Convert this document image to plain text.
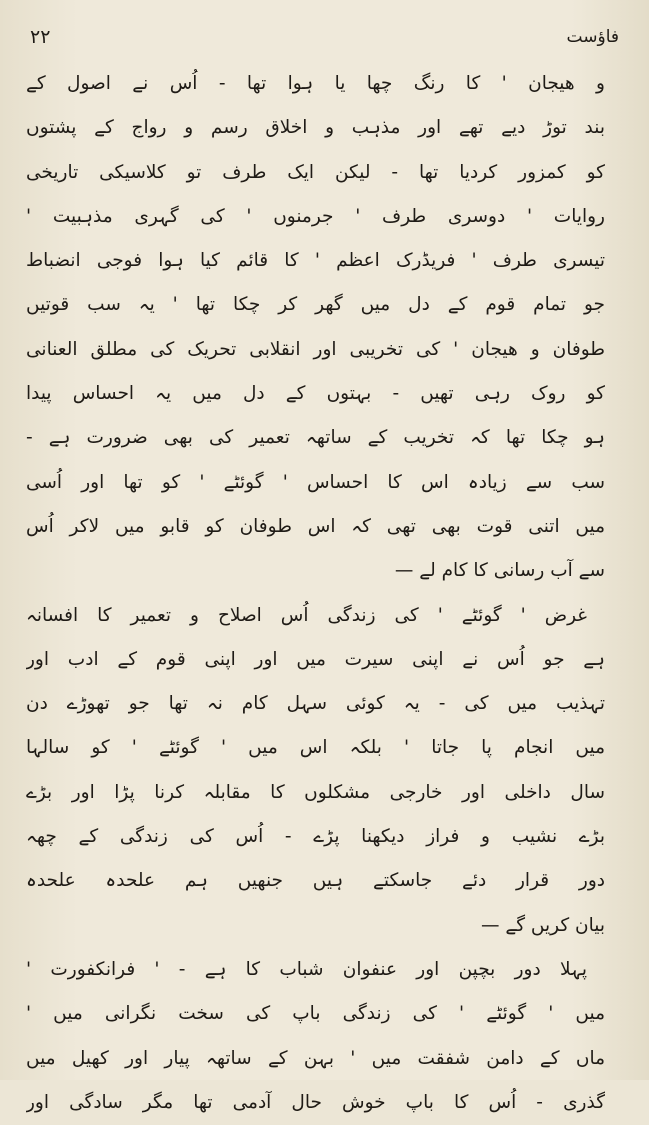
۲۲	فاؤست
و هیجان ' کا رنگ چھا یا ہوا تھا - اُس نے اصول کے
بند توڑ دیے تھے اور مذہب و اخلاق رسم و رواج کے پشتوں
کو کمزور کردیا تھا - لیکن ایک طرف تو کلاسیکی تاریخی
روایات ' دوسری طرف ' جرمنوں ' کی گہری مذہبیت '
تیسری طرف ' فریڈرک اعظم ' کا قائم کیا ہوا فوجی انضباط
جو تمام قوم کے دل میں گھر کر چکا تھا ' یہ سب قوتیں
طوفان و هیجان ' کی تخریبی اور انقلابی تحریک کی مطلق العنانی
کو روک رہی تھیں - بہتوں کے دل میں یہ احساس پیدا
ہو چکا تھا کہ تخریب کے ساتھہ تعمیر کی بھی ضرورت ہے -
سب سے زیادہ اس کا احساس ' گوئٹے ' کو تھا اور اُسی
میں اتنی قوت بھی تھی کہ اس طوفان کو قابو میں لاکر اُس
سے آب رسانی کا کام لے —
غرض ' گوئٹے ' کی زندگی اُس اصلاح و تعمیر کا افسانہ
ہے جو اُس نے اپنی سیرت میں اور اپنی قوم کے ادب اور
تہذیب میں کی - یہ کوئی سہل کام نہ تھا جو تھوڑے دن
میں انجام پا جاتا ' بلکہ اس میں ' گوئٹے ' کو سالہا
سال داخلی اور خارجی مشکلوں کا مقابلہ کرنا پڑا اور بڑے
بڑے نشیب و فراز دیکھنا پڑے - اُس کی زندگی کے چھہ
دور قرار دئے جاسکتے ہیں جنھیں ہم علحدہ علحدہ
بیان کریں گے —
پہلا دور بچپن اور عنفوان شباب کا ہے - ' فرانکفورت '
میں ' گوئٹے ' کی زندگی باپ کی سخت نگرانی میں '
ماں کے دامن شفقت میں ' بہن کے ساتھہ پیار اور کھیل میں
گذری - اُس کا باپ خوش حال آدمی تھا مگر سادگی اور
